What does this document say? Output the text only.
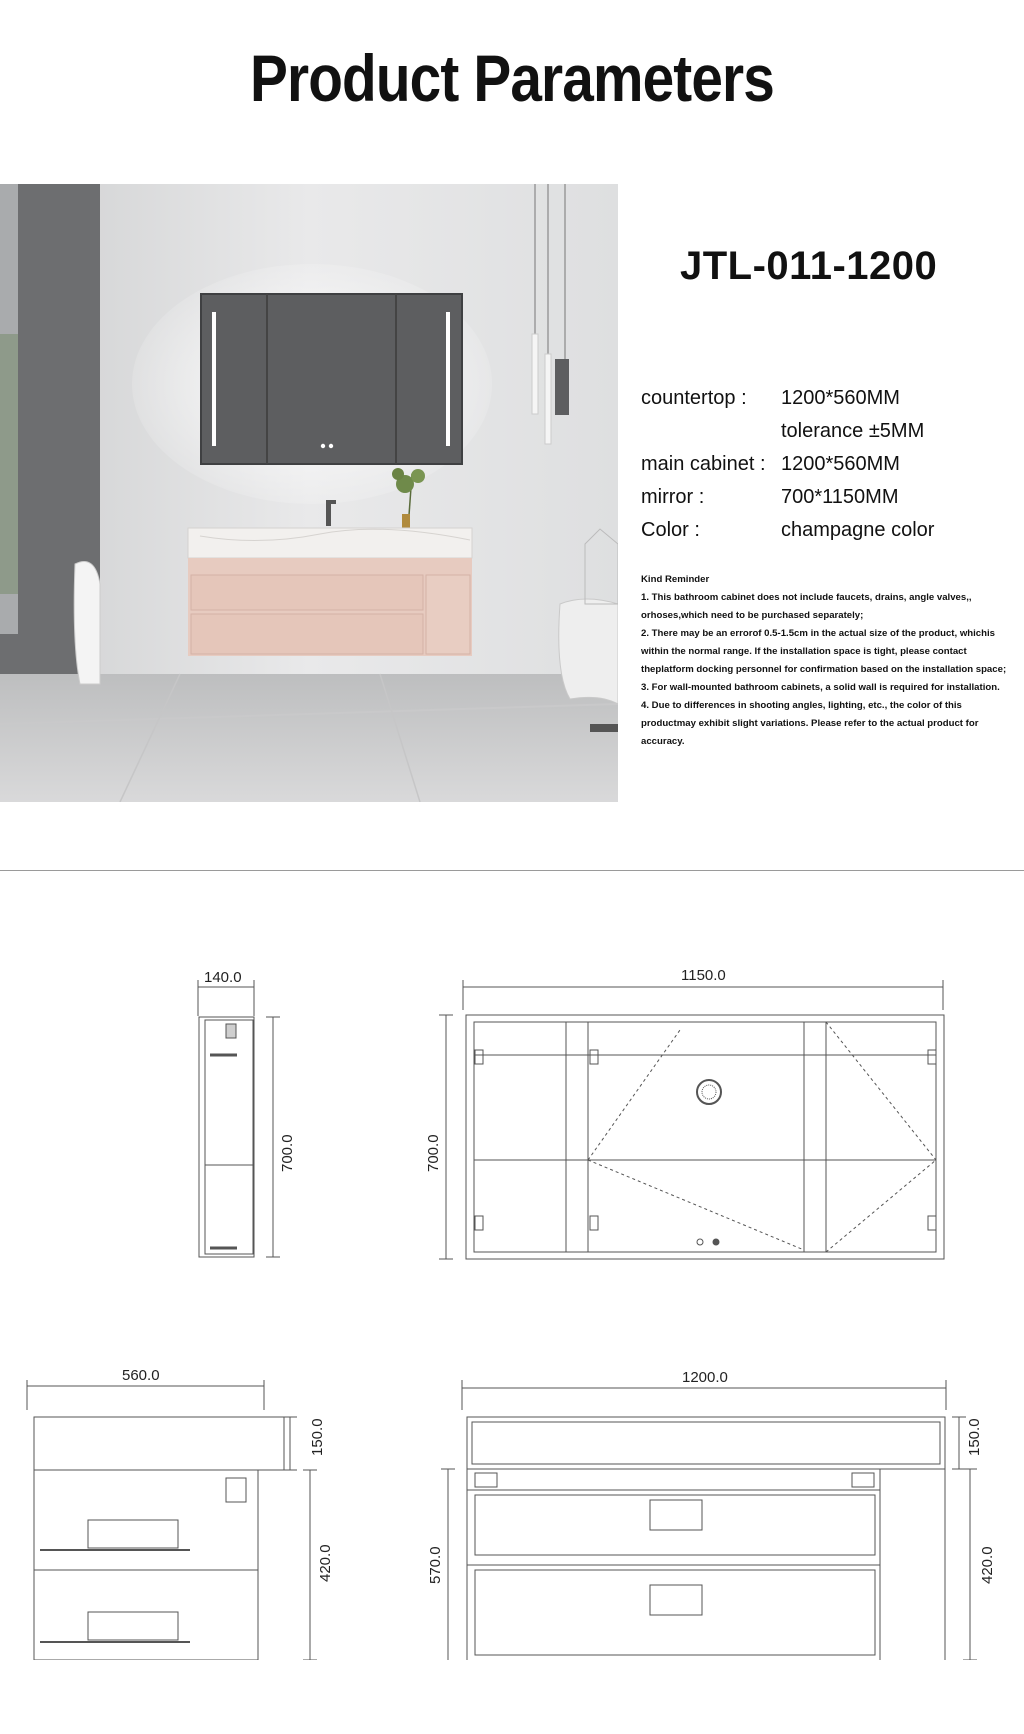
Product Parameters
JTL-011-1200
countertop :	1200*560MM
tolerance ±5MM
main cabinet : 1200*560MM
mirror :	700*1150MM
Color :	champagne color

Kind Reminder

1. This bathroom cabinet does not include faucets, drains, angle valves,, orhoses,which need to be purchased separately;

2. There may be an errorof 0.5-1.5cm in the actual size of the product, whichis within the normal range. If the installation space is tight, please contact theplatform docking personnel for confirmation based on the installation space;

3. For wall-mounted bathroom cabinets, a solid wall is required for installation.

4. Due to differences in shooting angles, lighting, etc., the color of this productmay exhibit slight variations. Please refer to the actual product for accuracy.

140.0
700.0
1150.0
700.0
560.0
150.0
420.0
1200.0
570.0
150.0
420.0
